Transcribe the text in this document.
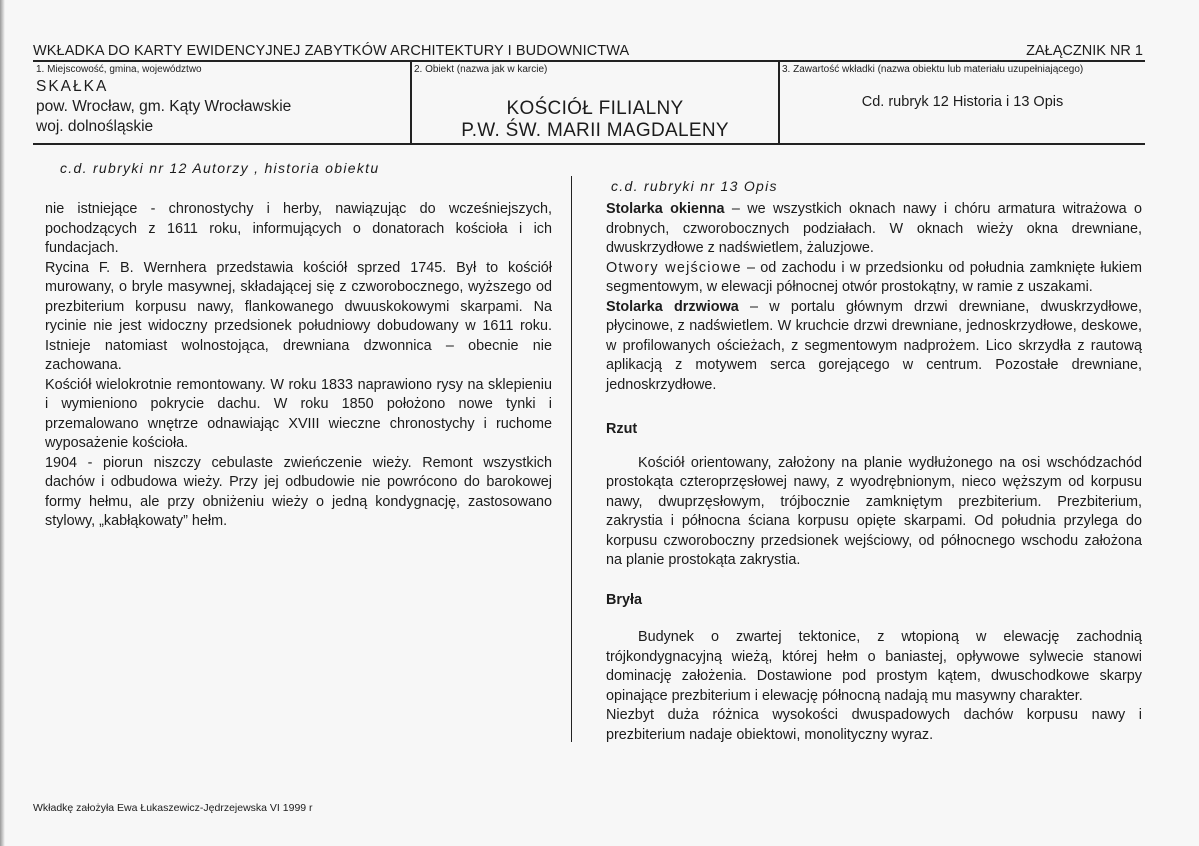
WKŁADKA DO KARTY EWIDENCYJNEJ ZABYTKÓW ARCHITEKTURY I BUDOWNICTWA	ZAŁĄCZNIK NR 1
1. Miejscowość, gmina, województwo
SKAŁKA
pow. Wrocław, gm. Kąty Wrocławskie
woj. dolnośląskie
2. Obiekt (nazwa jak w karcie)
KOŚCIÓŁ FILIALNY
P.W. ŚW. MARII MAGDALENY
3. Zawartość wkładki (nazwa obiektu lub materiału uzupełniającego)
Cd. rubryk 12 Historia i 13 Opis
c.d. rubryki nr 12 Autorzy , historia obiektu

nie istniejące - chronostychy i herby, nawiązując do wcześniejszych, pochodzących z 1611 roku, informujących o donatorach kościoła i ich fundacjach.

Rycina F. B. Wernhera przedstawia kościół sprzed 1745. Był to kościół murowany, o bryle masywnej, składającej się z czworobocznego, wyższego od prezbiterium korpusu nawy, flankowanego dwuuskokowymi skarpami. Na rycinie nie jest widoczny przedsionek południowy dobudowany w 1611 roku. Istnieje natomiast wolnostojąca, drewniana dzwonnica – obecnie nie zachowana.

Kościół wielokrotnie remontowany. W roku 1833 naprawiono rysy na sklepieniu i wymieniono pokrycie dachu. W roku 1850 położono nowe tynki i przemalowano wnętrze odnawiając XVIII wieczne chronostychy i ruchome wyposażenie kościoła.

1904 - piorun niszczy cebulaste zwieńczenie wieży. Remont wszystkich dachów i odbudowa wieży. Przy jej odbudowie nie powrócono do barokowej formy hełmu, ale przy obniżeniu wieży o jedną kondygnację, zastosowano stylowy, „kabłąkowaty” hełm.

c.d. rubryki nr 13 Opis

Stolarka okienna – we wszystkich oknach nawy i chóru armatura witrażowa o drobnych, czworobocznych podziałach. W oknach wieży okna drewniane, dwuskrzydłowe z nadświetlem, żaluzjowe.

Otwory wejściowe – od zachodu i w przedsionku od południa zamknięte łukiem segmentowym, w elewacji północnej otwór prostokątny, w ramie z uszakami.

Stolarka drzwiowa – w portalu głównym drzwi drewniane, dwuskrzydłowe, płycinowe, z nadświetlem. W kruchcie drzwi drewniane, jednoskrzydłowe, deskowe, w profilowanych ościeżach, z segmentowym nadprożem. Lico skrzydła z rautową aplikacją z motywem serca gorejącego w centrum. Pozostałe drewniane, jednoskrzydłowe.

Rzut

Kościół orientowany, założony na planie wydłużonego na osi wschódzachód prostokąta czteroprzęsłowej nawy, z wyodrębnionym, nieco węższym od korpusu nawy, dwuprzęsłowym, trójbocznie zamkniętym prezbiterium. Prezbiterium, zakrystia i północna ściana korpusu opięte skarpami. Od południa przylega do korpusu czworoboczny przedsionek wejściowy, od północnego wschodu założona na planie prostokąta zakrystia.

Bryła

Budynek o zwartej tektonice, z wtopioną w elewację zachodnią trójkondygnacyjną wieżą, której hełm o baniastej, opływowe sylwecie stanowi dominację założenia. Dostawione pod prostym kątem, dwuschodkowe skarpy opinające prezbiterium i elewację północną nadają mu masywny charakter.

Niezbyt duża różnica wysokości dwuspadowych dachów korpusu nawy i prezbiterium nadaje obiektowi, monolityczny wyraz.

Wkładkę założyła Ewa Łukaszewicz-Jędrzejewska VI 1999 r
